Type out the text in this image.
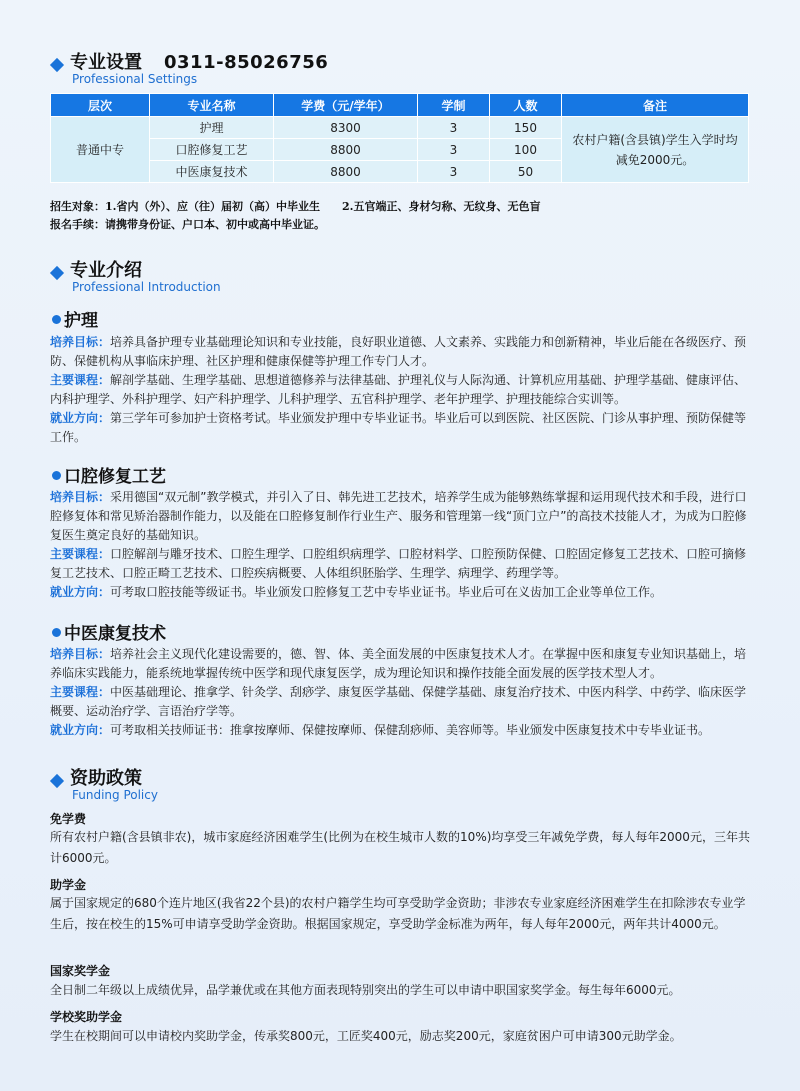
专业设置 0311-85026756
Professional Settings
层次	专业名称	学费（元/学年）	学制	人数	备注
普通中专	护理	8300	3	150	农村户籍(含县镇)学生入学时均减免2000元。
	口腔修复工艺	8800	3	100	
	中医康复技术	8800	3	50	
招生对象：1.省内（外）、应（往）届初（高）中毕业生　　2.五官端正、身材匀称、无纹身、无色盲
报名手续：请携带身份证、户口本、初中或高中毕业证。
专业介绍
Professional Introduction
护理
培养目标：培养具备护理专业基础理论知识和专业技能，良好职业道德、人文素养、实践能力和创新精神，毕业后能在各级医疗、预防、保健机构从事临床护理、社区护理和健康保健等护理工作专门人才。
主要课程：解剖学基础、生理学基础、思想道德修养与法律基础、护理礼仪与人际沟通、计算机应用基础、护理学基础、健康评估、内科护理学、外科护理学、妇产科护理学、儿科护理学、五官科护理学、老年护理学、护理技能综合实训等。
就业方向：第三学年可参加护士资格考试。毕业颁发护理中专毕业证书。毕业后可以到医院、社区医院、门诊从事护理、预防保健等工作。
口腔修复工艺
培养目标：采用德国“双元制”教学模式，并引入了日、韩先进工艺技术，培养学生成为能够熟练掌握和运用现代技术和手段，进行口腔修复体和常见矫治器制作能力，以及能在口腔修复制作行业生产、服务和管理第一线“顶门立户”的高技术技能人才，为成为口腔修复医生奠定良好的基础知识。
主要课程：口腔解剖与雕牙技术、口腔生理学、口腔组织病理学、口腔材料学、口腔预防保健、口腔固定修复工艺技术、口腔可摘修复工艺技术、口腔正畸工艺技术、口腔疾病概要、人体组织胚胎学、生理学、病理学、药理学等。
就业方向：可考取口腔技能等级证书。毕业颁发口腔修复工艺中专毕业证书。毕业后可在义齿加工企业等单位工作。
中医康复技术
培养目标：培养社会主义现代化建设需要的，德、智、体、美全面发展的中医康复技术人才。在掌握中医和康复专业知识基础上，培养临床实践能力，能系统地掌握传统中医学和现代康复医学，成为理论知识和操作技能全面发展的医学技术型人才。
主要课程：中医基础理论、推拿学、针灸学、刮痧学、康复医学基础、保健学基础、康复治疗技术、中医内科学、中药学、临床医学概要、运动治疗学、言语治疗学等。
就业方向：可考取相关技师证书：推拿按摩师、保健按摩师、保健刮痧师、美容师等。毕业颁发中医康复技术中专毕业证书。
资助政策
Funding Policy
免学费
所有农村户籍(含县镇非农)，城市家庭经济困难学生(比例为在校生城市人数的10%)均享受三年减免学费，每人每年2000元，三年共计6000元。
助学金
属于国家规定的680个连片地区(我省22个县)的农村户籍学生均可享受助学金资助；非涉农专业家庭经济困难学生在扣除涉农专业学生后，按在校生的15%可申请享受助学金资助。根据国家规定，享受助学金标准为两年，每人每年2000元，两年共计4000元。
国家奖学金
全日制二年级以上成绩优异，品学兼优或在其他方面表现特别突出的学生可以申请中职国家奖学金。每生每年6000元。
学校奖助学金
学生在校期间可以申请校内奖助学金，传承奖800元，工匠奖400元，励志奖200元，家庭贫困户可申请300元助学金。
